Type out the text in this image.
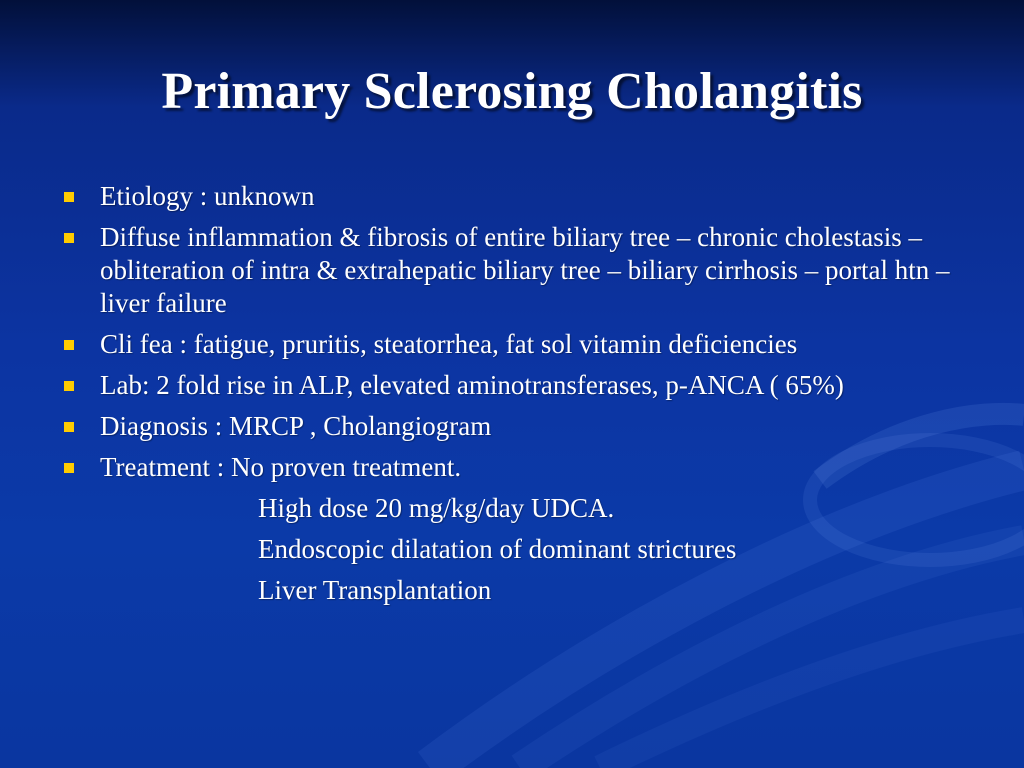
Primary Sclerosing Cholangitis
Etiology : unknown
Diffuse inflammation & fibrosis of entire biliary tree – chronic cholestasis – obliteration of intra & extrahepatic biliary tree – biliary cirrhosis – portal htn – liver failure
Cli fea : fatigue, pruritis, steatorrhea, fat sol vitamin deficiencies
Lab: 2 fold rise in ALP, elevated aminotransferases, p-ANCA ( 65%)
Diagnosis : MRCP , Cholangiogram
Treatment : No proven treatment.
High dose 20 mg/kg/day UDCA.
Endoscopic dilatation of dominant strictures
Liver Transplantation
